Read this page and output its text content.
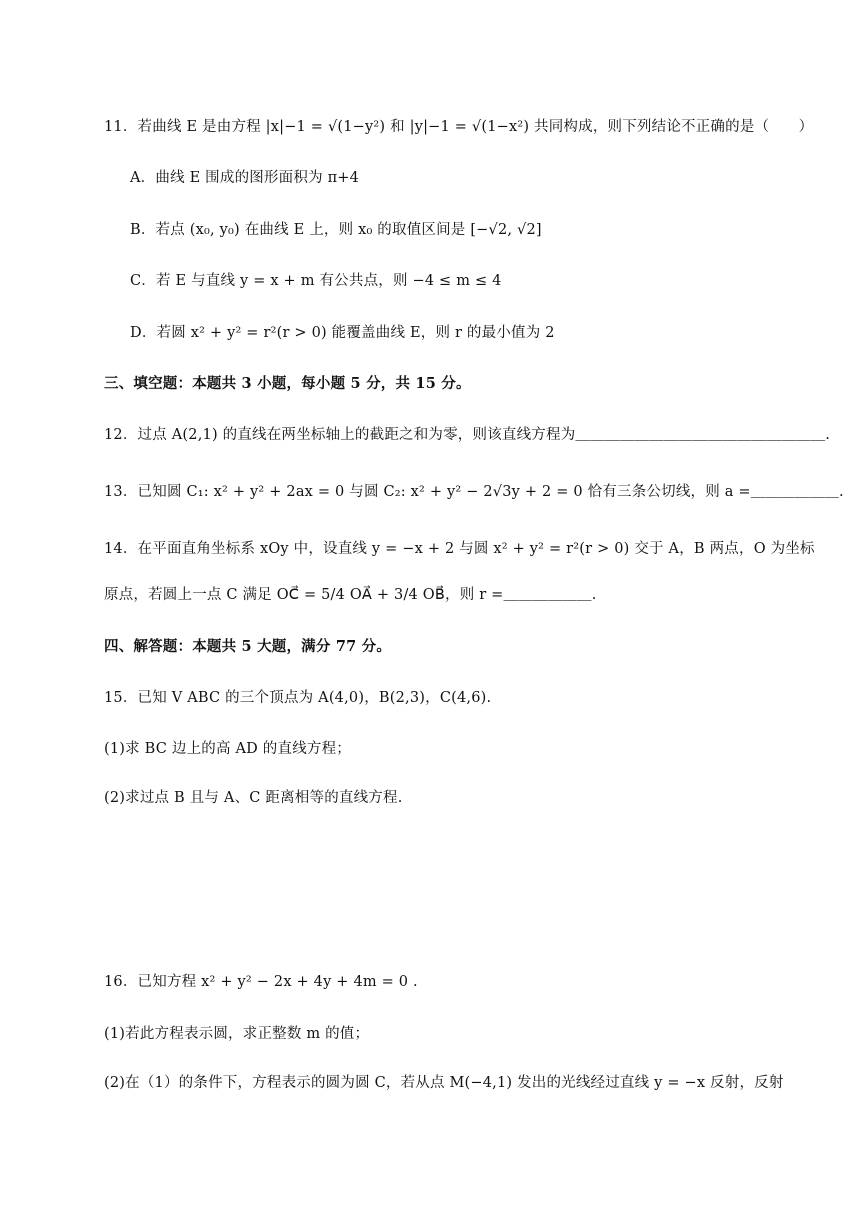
11．若曲线 E 是由方程 |x|−1 = √(1−y²) 和 |y|−1 = √(1−x²) 共同构成，则下列结论不正确的是（　　）
A．曲线 E 围成的图形面积为 π+4
B．若点 (x₀, y₀) 在曲线 E 上，则 x₀ 的取值区间是 [−√2, √2]
C．若 E 与直线 y = x + m 有公共点，则 −4 ≤ m ≤ 4
D．若圆 x² + y² = r²(r > 0) 能覆盖曲线 E，则 r 的最小值为 2
三、填空题：本题共 3 小题，每小题 5 分，共 15 分。
12．过点 A(2,1) 的直线在两坐标轴上的截距之和为零，则该直线方程为＿＿＿＿＿＿＿＿＿＿＿＿＿＿＿＿＿.
13．已知圆 C₁: x² + y² + 2ax = 0 与圆 C₂: x² + y² − 2√3y + 2 = 0 恰有三条公切线，则 a =＿＿＿＿＿＿.
14．在平面直角坐标系 xOy 中，设直线 y = −x + 2 与圆 x² + y² = r²(r > 0) 交于 A，B 两点，O 为坐标
原点，若圆上一点 C 满足 OC⃗ = 5/4 OA⃗ + 3/4 OB⃗，则 r =＿＿＿＿＿＿.
四、解答题：本题共 5 大题，满分 77 分。
15．已知 V ABC 的三个顶点为 A(4,0)，B(2,3)，C(4,6).
(1)求 BC 边上的高 AD 的直线方程；
(2)求过点 B 且与 A、C 距离相等的直线方程.
16．已知方程 x² + y² − 2x + 4y + 4m = 0 .
(1)若此方程表示圆，求正整数 m 的值；
(2)在（1）的条件下，方程表示的圆为圆 C，若从点 M(−4,1) 发出的光线经过直线 y = −x 反射，反射
